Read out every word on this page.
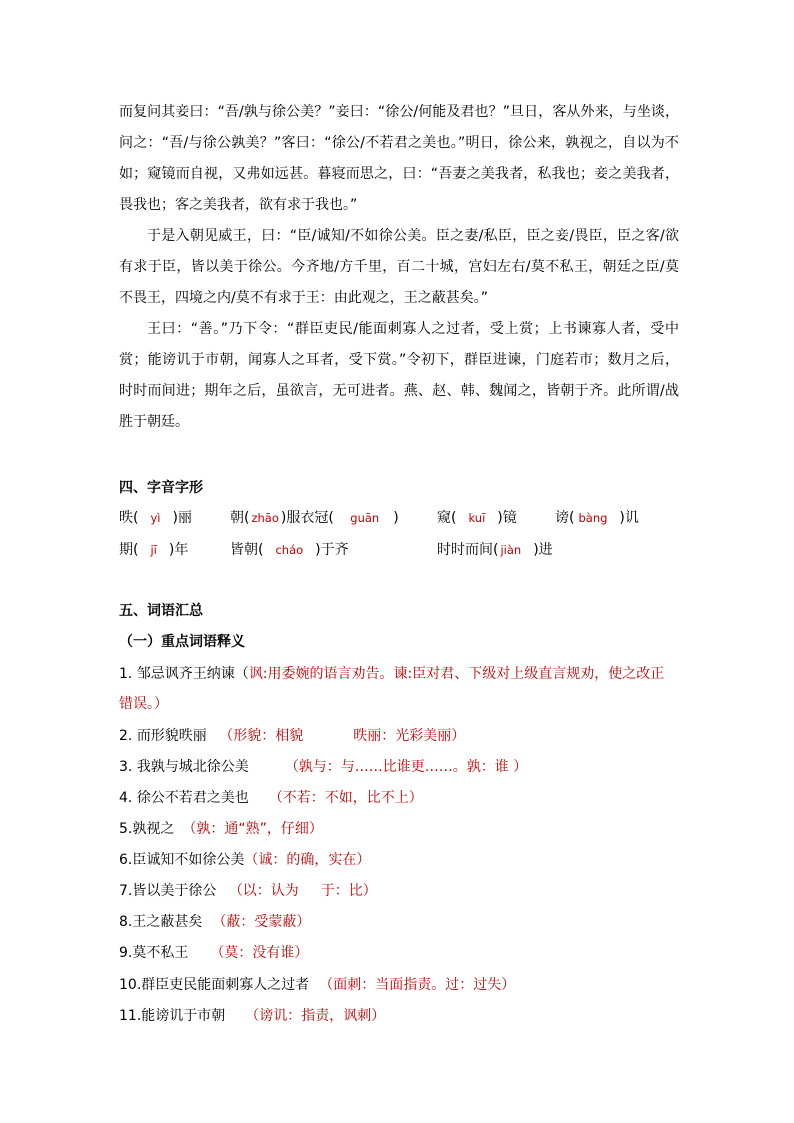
而复问其妾曰：“吾/孰与徐公美？”妾曰：“徐公/何能及君也？”旦日，客从外来，与坐谈，问之：“吾/与徐公孰美？”客曰：“徐公/不若君之美也。”明日，徐公来，孰视之，自以为不如；窥镜而自视，又弗如远甚。暮寝而思之，曰：“吾妻之美我者，私我也；妾之美我者，畏我也；客之美我者，欲有求于我也。”

于是入朝见威王，曰：“臣/诚知/不如徐公美。臣之妻/私臣，臣之妾/畏臣，臣之客/欲有求于臣，皆以美于徐公。今齐地/方千里，百二十城，宫妇左右/莫不私王，朝廷之臣/莫不畏王，四境之内/莫不有求于王：由此观之，王之蔽甚矣。”

王曰：“善。”乃下令：“群臣吏民/能面刺寡人之过者，受上赏；上书谏寡人者，受中赏；能谤讥于市朝，闻寡人之耳者，受下赏。”令初下，群臣进谏，门庭若市；数月之后，时时而间进；期年之后，虽欲言，无可进者。燕、赵、韩、魏闻之，皆朝于齐。此所谓/战胜于朝廷。

四、字音字形
昳( yì )丽	朝( zhāo )服衣冠( guān )	窥( kuī )镜	谤( bàng )讥
期( jī )年	皆朝( cháo )于齐	时时而间( jiàn )进
五、词语汇总
（一）重点词语释义
1. 邹忌讽齐王纳谏（讽:用委婉的语言劝告。谏:臣对君、下级对上级直言规劝，使之改正
错误。）
2. 而形貌昳丽 （形貌：相貌	昳丽：光彩美丽）
3. 我孰与城北徐公美	（孰与：与……比谁更……。孰：谁 ）
4. 徐公不若君之美也 （不若：不如，比不上）
5.孰视之 （孰：通“熟”，仔细）
6.臣诚知不如徐公美（诚：的确，实在）
7.皆以美于徐公 （以：认为 于：比）
8.王之蔽甚矣 （蔽：受蒙蔽）
9.莫不私王 （莫：没有谁）
10.群臣吏民能面刺寡人之过者 （面刺：当面指责。过：过失）
11.能谤讥于市朝 （谤讥：指责，讽刺）
